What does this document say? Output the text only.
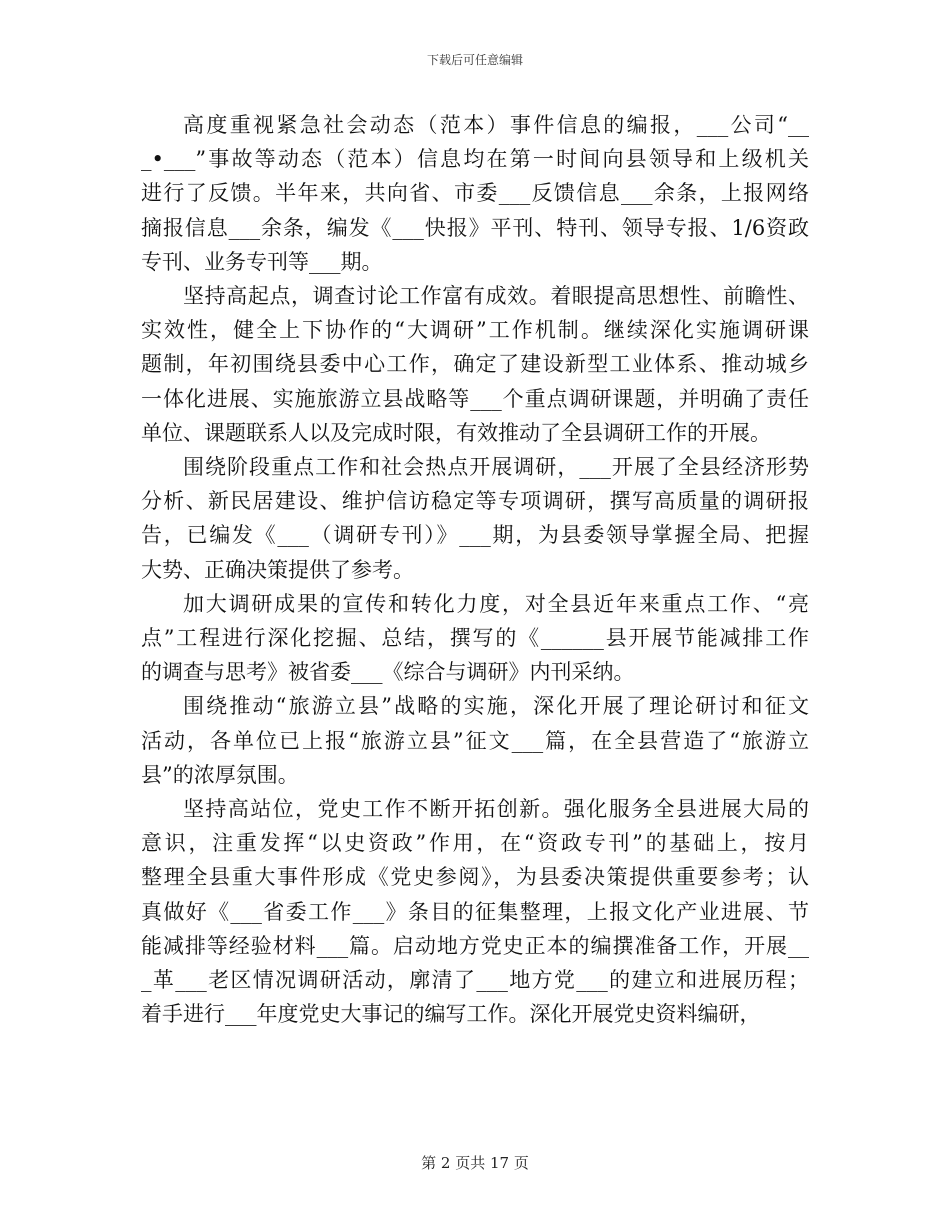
下载后可任意编辑

高度重视紧急社会动态（范本）事件信息的编报，___公司“__
_•___”事故等动态（范本）信息均在第一时间向县领导和上级机关
进行了反馈。半年来，共向省、市委___反馈信息___余条，上报网络
摘报信息___余条，编发《___快报》平刊、特刊、领导专报、1/6资政
专刊、业务专刊等___期。

坚持高起点，调查讨论工作富有成效。着眼提高思想性、前瞻性、
实效性，健全上下协作的“大调研”工作机制。继续深化实施调研课
题制，年初围绕县委中心工作，确定了建设新型工业体系、推动城乡
一体化进展、实施旅游立县战略等___个重点调研课题，并明确了责任
单位、课题联系人以及完成时限，有效推动了全县调研工作的开展。

围绕阶段重点工作和社会热点开展调研，___开展了全县经济形势
分析、新民居建设、维护信访稳定等专项调研，撰写高质量的调研报
告，已编发《___（调研专刊）》___期，为县委领导掌握全局、把握
大势、正确决策提供了参考。

加大调研成果的宣传和转化力度，对全县近年来重点工作、“亮
点”工程进行深化挖掘、总结，撰写的《______县开展节能减排工作
的调查与思考》被省委___《综合与调研》内刊采纳。

围绕推动“旅游立县”战略的实施，深化开展了理论研讨和征文
活动，各单位已上报“旅游立县”征文___篇，在全县营造了“旅游立
县”的浓厚氛围。

坚持高站位，党史工作不断开拓创新。强化服务全县进展大局的
意识，注重发挥“以史资政”作用，在“资政专刊”的基础上，按月
整理全县重大事件形成《党史参阅》，为县委决策提供重要参考；认
真做好《___省委工作___》条目的征集整理，上报文化产业进展、节
能减排等经验材料___篇。启动地方党史正本的编撰准备工作，开展__
_革___老区情况调研活动，廓清了___地方党___的建立和进展历程；
着手进行___年度党史大事记的编写工作。深化开展党史资料编研，

第 2 页共 17 页
